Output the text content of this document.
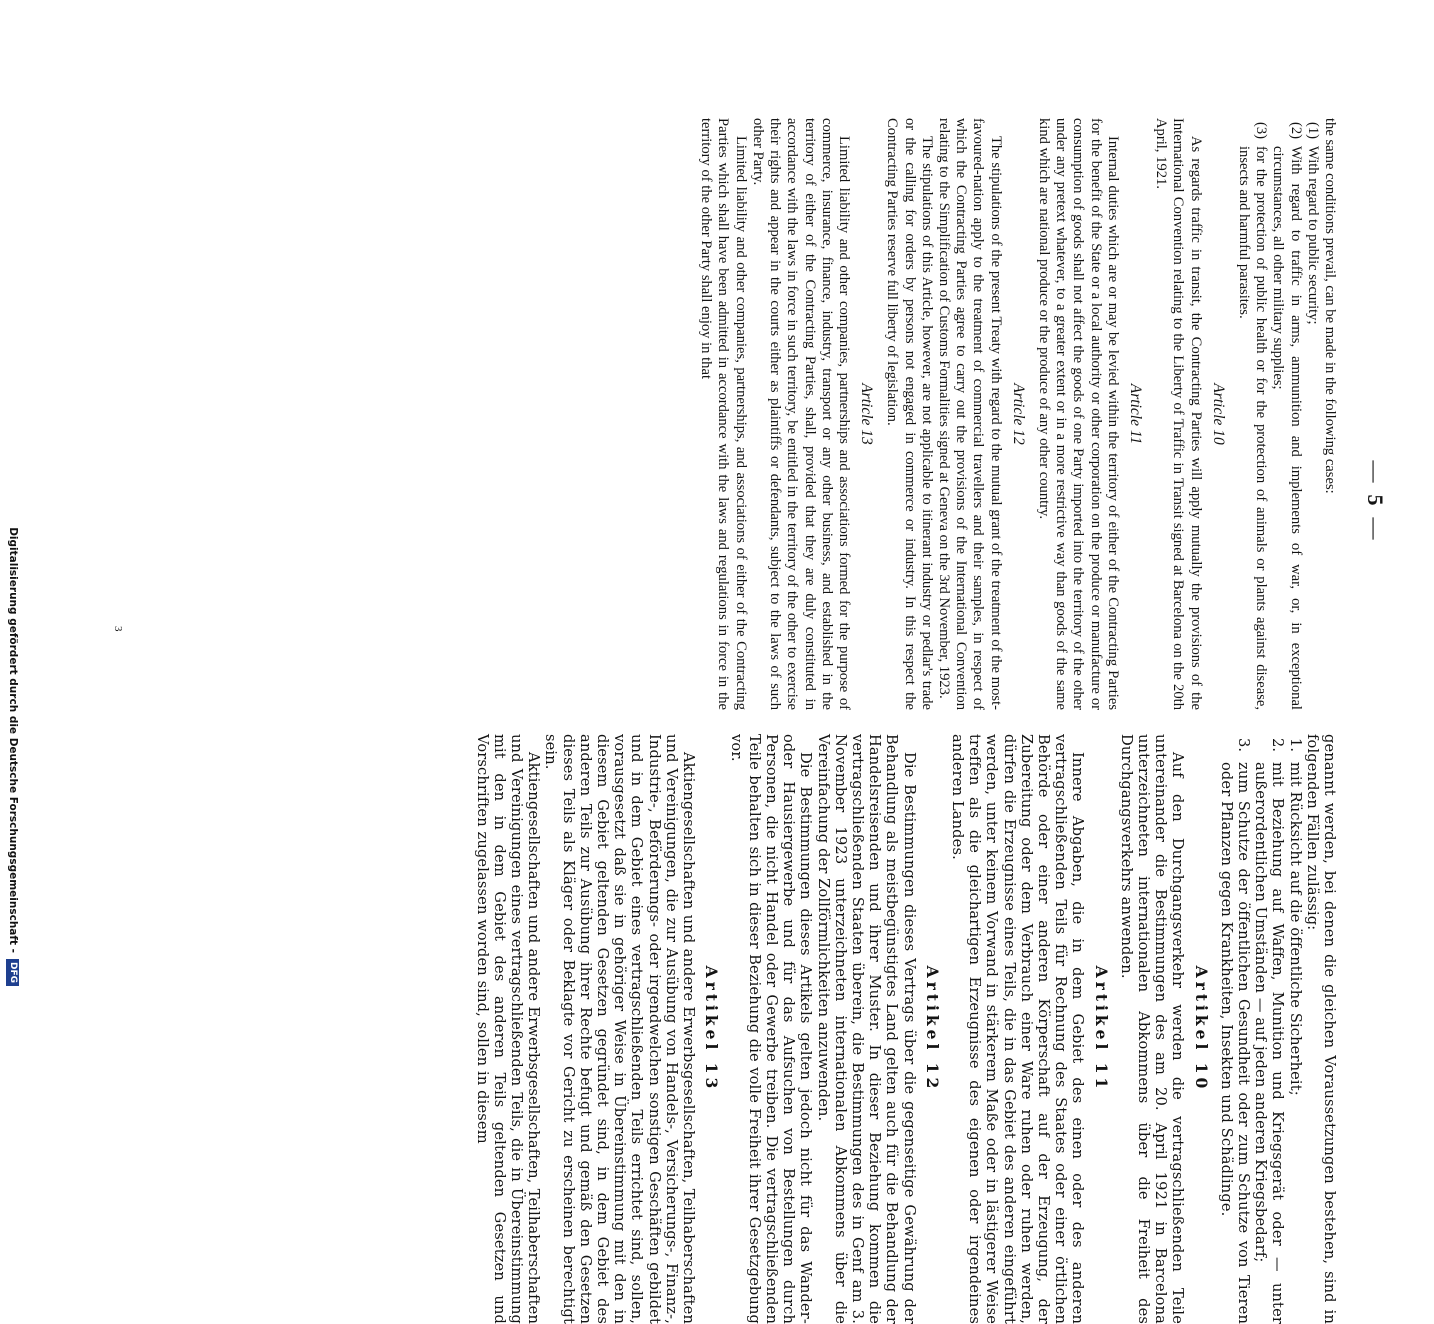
—5—

the same conditions prevail, can be made in the following cases:

(1)
With regard to public security;
(2)
With regard to traffic in arms, ammunition and implements of war, or, in exceptional circumstances, all other military supplies;
(3)
for the protection of public health or for the protection of animals or plants against disease, insects and harmful parasites.
Article 10

As regards traffic in transit, the Contracting Parties will apply mutually the provisions of the International Convention relating to the Liberty of Traffic in Transit signed at Barcelona on the 20th April, 1921.

Article 11

Internal duties which are or may be levied within the territory of either of the Contracting Parties for the benefit of the State or a local authority or other corporation on the produce or manufacture or consumption of goods shall not affect the goods of one Party imported into the territory of the other under any pretext whatever, to a greater extent or in a more restrictive way than goods of the same kind which are national produce or the produce of any other country.

Article 12

The stipulations of the present Treaty with regard to the mutual grant of the treatment of the most-favoured-nation apply to the treatment of commercial travellers and their samples, in respect of which the Contracting Parties agree to carry out the provisions of the International Convention relating to the Simplification of Customs Formalities signed at Geneva on the 3rd November, 1923.

The stipulations of this Article, however, are not applicable to itinerant industry or pedlar's trade or the calling for orders by persons not engaged in commerce or industry. In this respect the Contracting Parties reserve full liberty of legislation.

Article 13

Limited liability and other companies, partnerships and associations formed for the purpose of commerce, insurance, finance, industry, transport or any other business, and established in the territory of either of the Contracting Parties, shall, provided that they are duly constituted in accordance with the laws in force in such territory, be entitled in the territory of the other to exercise their rights and appear in the courts either as plaintiffs or defendants, subject to the laws of such other Party.

Limited liability and other companies, partnerships, and associations of either of the Contracting Parties which shall have been admitted in accordance with the laws and regulations in force in the territory of the other Party shall enjoy in that

genannt werden, bei denen die gleichen Voraussetzungen bestehen, sind in folgenden Fällen zulässig:

1.
mit Rücksicht auf die öffentliche Sicherheit;
2.
mit Beziehung auf Waffen, Munition und Kriegsgerät oder — unter außerordentlichen Umständen — auf jeden anderen Kriegsbedarf;
3.
zum Schutze der öffentlichen Gesundheit oder zum Schutze von Tieren oder Pflanzen gegen Krankheiten, Insekten und Schädlinge.
Artikel 10

Auf den Durchgangsverkehr werden die vertragschließenden Teile untereinander die Bestimmungen des am 20. April 1921 in Barcelona unterzeichneten internationalen Abkommens über die Freiheit des Durchgangsverkehrs anwenden.

Artikel 11

Innere Abgaben, die in dem Gebiet des einen oder des anderen vertragschließenden Teils für Rechnung des Staates oder einer örtlichen Behörde oder einer anderen Körperschaft auf der Erzeugung, der Zubereitung oder dem Verbrauch einer Ware ruhen oder ruhen werden, dürfen die Erzeugnisse eines Teils, die in das Gebiet des anderen eingeführt werden, unter keinem Vorwand in stärkerem Maße oder in lästigerer Weise treffen als die gleichartigen Erzeugnisse des eigenen oder irgendeines anderen Landes.

Artikel 12

Die Bestimmungen dieses Vertrags über die gegenseitige Gewährung der Behandlung als meistbegünstigtes Land gelten auch für die Behandlung der Handelsreisenden und ihrer Muster. In dieser Beziehung kommen die vertragschließenden Staaten überein, die Bestimmungen des in Genf am 3. November 1923 unterzeichneten internationalen Abkommens über die Vereinfachung der Zollförmlichkeiten anzuwenden.

Die Bestimmungen dieses Artikels gelten jedoch nicht für das Wander- oder Hausiergewerbe und für das Aufsuchen von Bestellungen durch Personen, die nicht Handel oder Gewerbe treiben. Die vertragschließenden Teile behalten sich in dieser Beziehung die volle Freiheit ihrer Gesetzgebung vor.

Artikel 13

Aktiengesellschaften und andere Erwerbsgesellschaften, Teilhaberschaften und Vereinigungen, die zur Ausübung von Handels-, Versicherungs-, Finanz-, Industrie-, Beförderungs- oder irgendwelchen sonstigen Geschäften gebildet und in dem Gebiet eines vertragschließenden Teils errichtet sind, sollen, vorausgesetzt daß sie in gehöriger Weise in Übereinstimmung mit den in diesem Gebiet geltenden Gesetzen gegründet sind, in dem Gebiet des anderen Teils zur Ausübung ihrer Rechte befugt und gemäß den Gesetzen dieses Teils als Kläger oder Beklagte vor Gericht zu erscheinen berechtigt sein.

Aktiengesellschaften und andere Erwerbsgesellschaften, Teilhaberschaften und Vereinigungen eines vertragschließenden Teils, die in Übereinstimmung mit den in dem Gebiet des anderen Teils geltenden Gesetzen und Vorschriften zugelassen worden sind, sollen in diesem

3
Digitalisierung gefördert durch die Deutsche Forschungsgemeinschaft -
DFG
